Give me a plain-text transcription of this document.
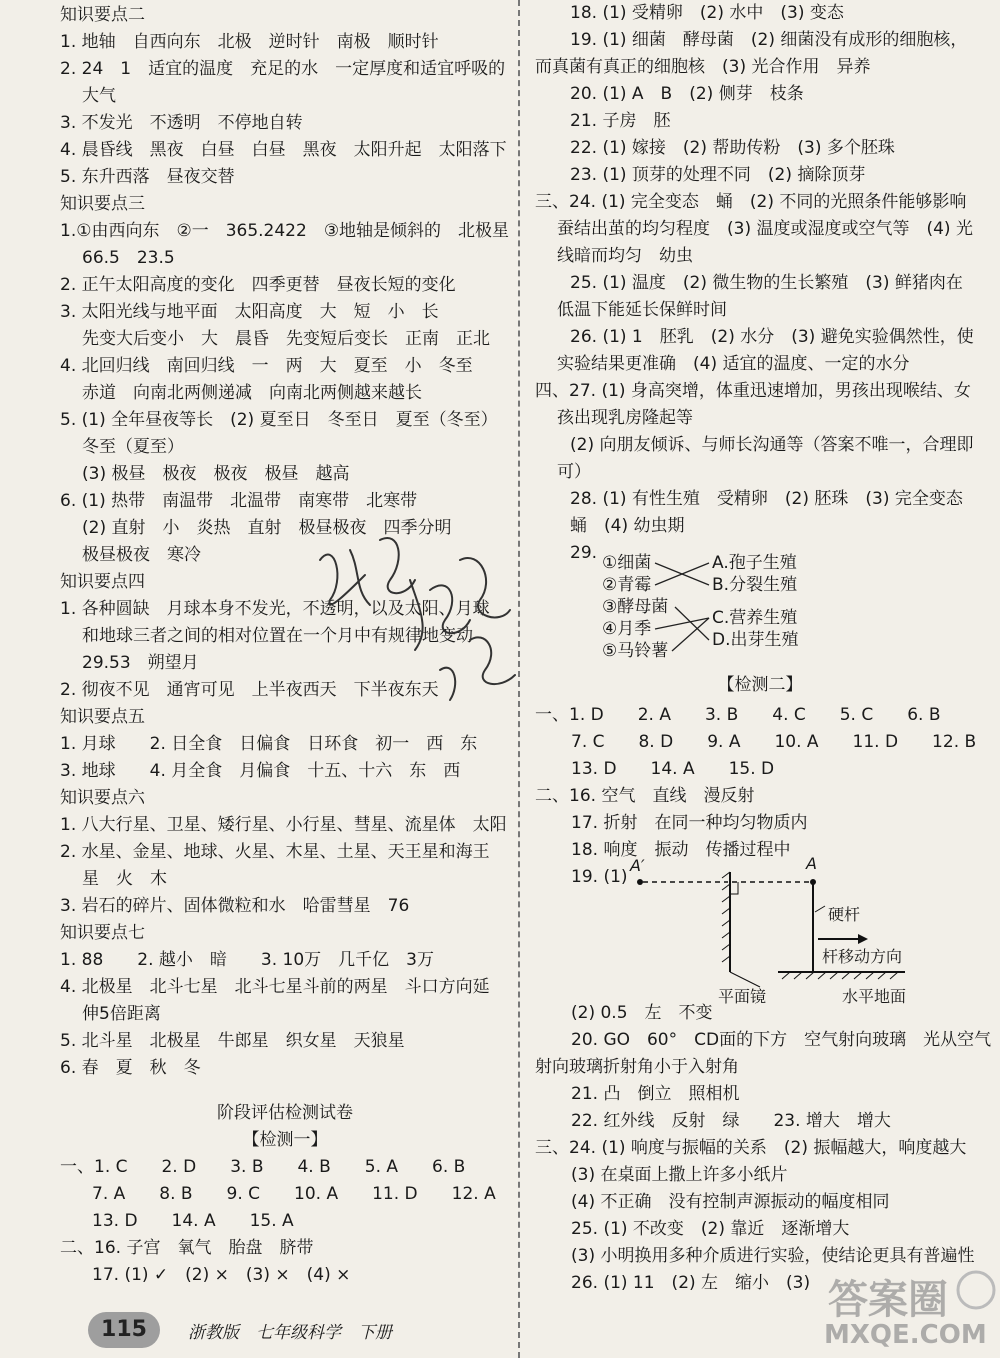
知识要点二
1. 地轴　自西向东　北极　逆时针　南极　顺时针
2. 24　1　适宜的温度　充足的水　一定厚度和适宜呼吸的
大气
3. 不发光　不透明　不停地自转
4. 晨昏线　黑夜　白昼　白昼　黑夜　太阳升起　太阳落下
5. 东升西落　昼夜交替
知识要点三
1.①由西向东　②一　365.2422　③地轴是倾斜的　北极星
66.5　23.5
2. 正午太阳高度的变化　四季更替　昼夜长短的变化
3. 太阳光线与地平面　太阳高度　大　短　小　长
先变大后变小　大　晨昏　先变短后变长　正南　正北
4. 北回归线　南回归线　一　两　大　夏至　小　冬至
赤道　向南北两侧递减　向南北两侧越来越长
5. (1) 全年昼夜等长　(2) 夏至日　冬至日　夏至（冬至）
冬至（夏至）
(3) 极昼　极夜　极夜　极昼　越高
6. (1) 热带　南温带　北温带　南寒带　北寒带
(2) 直射　小　炎热　直射　极昼极夜　四季分明
极昼极夜　寒冷
知识要点四
1. 各种圆缺　月球本身不发光，不透明，以及太阳、月球
和地球三者之间的相对位置在一个月中有规律地变动
29.53　朔望月
2. 彻夜不见　通宵可见　上半夜西天　下半夜东天
知识要点五
1. 月球　　2. 日全食　日偏食　日环食　初一　西　东
3. 地球　　4. 月全食　月偏食　十五、十六　东　西
知识要点六
1. 八大行星、卫星、矮行星、小行星、彗星、流星体　太阳
2. 水星、金星、地球、火星、木星、土星、天王星和海王
星　火　木
3. 岩石的碎片、固体微粒和水　哈雷彗星　76
知识要点七
1. 88　　2. 越小　暗　　3. 10万　几千亿　3万
4. 北极星　北斗七星　北斗七星斗前的两星　斗口方向延
伸5倍距离
5. 北斗星　北极星　牛郎星　织女星　天狼星
6. 春　夏　秋　冬
阶段评估检测试卷
【检测一】
一、1. C　　2. D　　3. B　　4. B　　5. A　　6. B
7. A　　8. B　　9. C　　10. A　　11. D　　12. A
13. D　　14. A　　15. A
二、16. 子宫　氧气　胎盘　脐带
17. (1) ✓　(2) ×　(3) ×　(4) ×
18. (1) 受精卵　(2) 水中　(3) 变态
19. (1) 细菌　酵母菌　(2) 细菌没有成形的细胞核，
而真菌有真正的细胞核　(3) 光合作用　异养
20. (1) A　B　(2) 侧芽　枝条
21. 子房　胚
22. (1) 嫁接　(2) 帮助传粉　(3) 多个胚珠
23. (1) 顶芽的处理不同　(2) 摘除顶芽
三、24. (1) 完全变态　蛹　(2) 不同的光照条件能够影响
蚕结出茧的均匀程度　(3) 温度或湿度或空气等　(4) 光
线暗而均匀　幼虫
25. (1) 温度　(2) 微生物的生长繁殖　(3) 鲜猪肉在
低温下能延长保鲜时间
26. (1) 1　胚乳　(2) 水分　(3) 避免实验偶然性，使
实验结果更准确　(4) 适宜的温度、一定的水分
四、27. (1) 身高突增，体重迅速增加，男孩出现喉结、女
孩出现乳房隆起等
(2) 向朋友倾诉、与师长沟通等（答案不唯一，合理即
可）
28. (1) 有性生殖　受精卵　(2) 胚珠　(3) 完全变态
蛹　(4) 幼虫期
29.
【检测二】
一、1. D　　2. A　　3. B　　4. C　　5. C　　6. B
7. C　　8. D　　9. A　　10. A　　11. D　　12. B
13. D　　14. A　　15. D
二、16. 空气　直线　漫反射
17. 折射　在同一种均匀物质内
18. 响度　振动　传播过程中
19. (1)
(2) 0.5　左　不变
20. GO　60°　CD面的下方　空气射向玻璃　光从空气
射向玻璃折射角小于入射角
21. 凸　倒立　照相机
22. 红外线　反射　绿　　23. 增大　增大
三、24. (1) 响度与振幅的关系　(2) 振幅越大，响度越大
(3) 在桌面上撒上许多小纸片
(4) 不正确　没有控制声源振动的幅度相同
25. (1) 不改变　(2) 靠近　逐渐增大
(3) 小明换用多种介质进行实验，使结论更具有普遍性
26. (1) 11　(2) 左　缩小　(3)
①细菌
②青霉
③酵母菌
④月季
⑤马铃薯
A.孢子生殖
B.分裂生殖
C.营养生殖
D.出芽生殖
A′	A
硬杆
杆移动方向
平面镜	水平地面
115	浙教版　七年级科学　下册
答案圈
MXQE.COM
